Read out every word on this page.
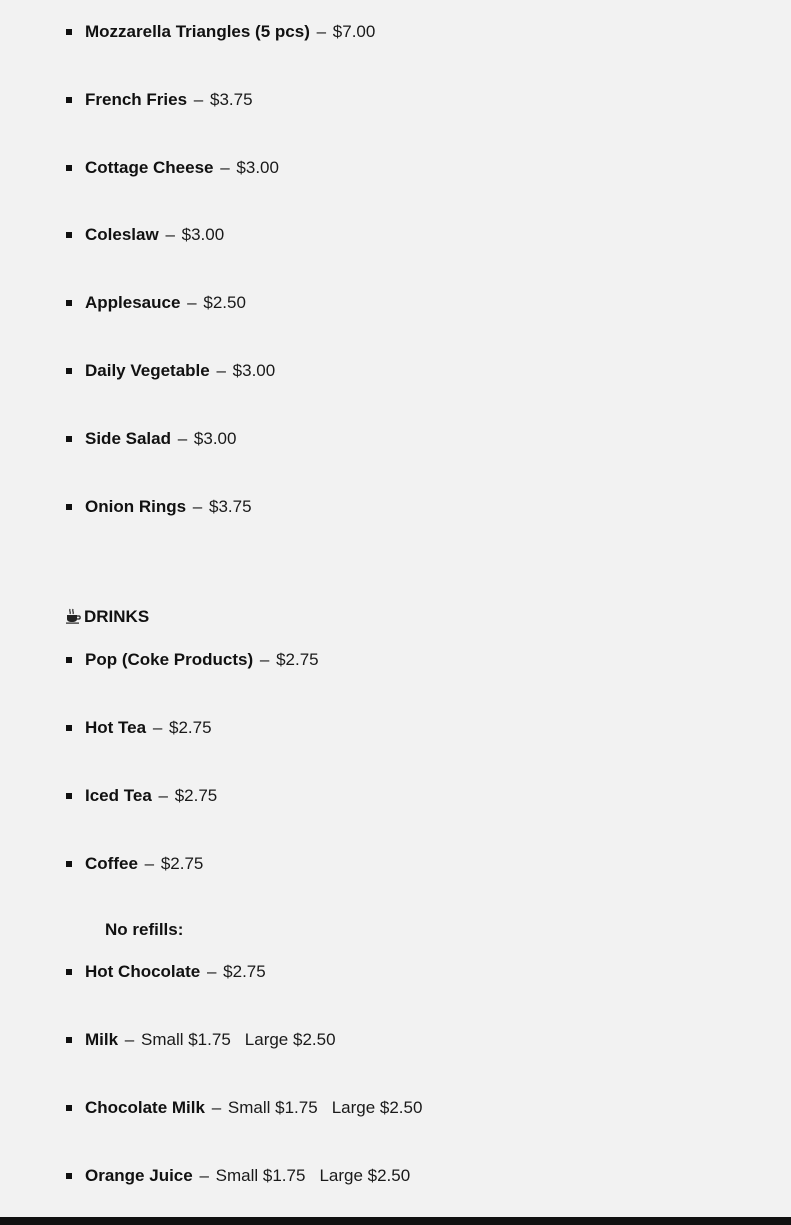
Mozzarella Triangles (5 pcs) – $7.00
French Fries – $3.75
Cottage Cheese – $3.00
Coleslaw – $3.00
Applesauce – $2.50
Daily Vegetable – $3.00
Side Salad – $3.00
Onion Rings – $3.75
DRINKS
Pop (Coke Products) – $2.75
Hot Tea – $2.75
Iced Tea – $2.75
Coffee – $2.75
No refills:
Hot Chocolate – $2.75
Milk – Small $1.75 Large $2.50
Chocolate Milk – Small $1.75 Large $2.50
Orange Juice – Small $1.75 Large $2.50
